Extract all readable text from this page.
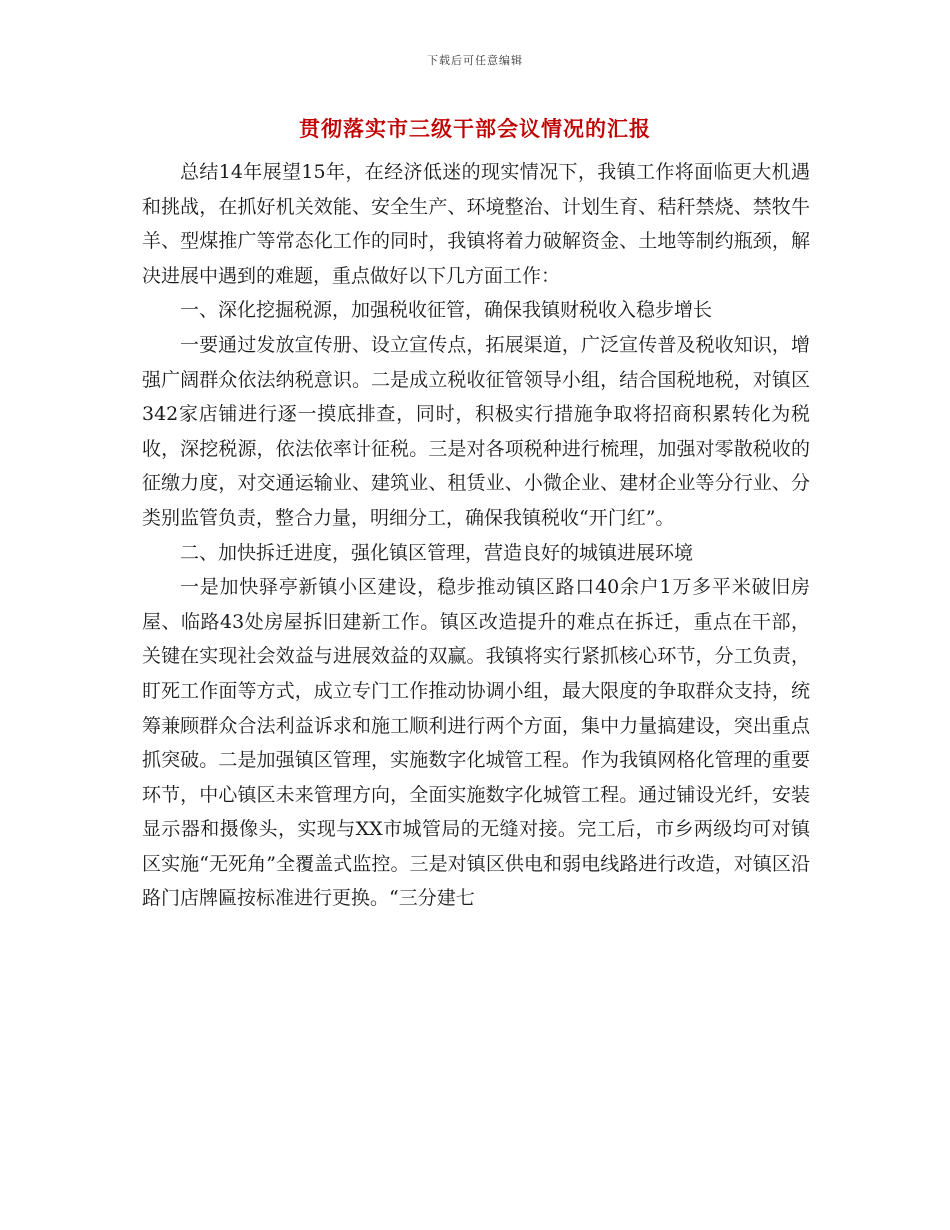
下载后可任意编辑
贯彻落实市三级干部会议情况的汇报

总结14年展望15年，在经济低迷的现实情况下，我镇工作将面临更大机遇和挑战，在抓好机关效能、安全生产、环境整治、计划生育、秸秆禁烧、禁牧牛羊、型煤推广等常态化工作的同时，我镇将着力破解资金、土地等制约瓶颈，解决进展中遇到的难题，重点做好以下几方面工作：

一、深化挖掘税源，加强税收征管，确保我镇财税收入稳步增长

一要通过发放宣传册、设立宣传点，拓展渠道，广泛宣传普及税收知识，增强广阔群众依法纳税意识。二是成立税收征管领导小组，结合国税地税，对镇区342家店铺进行逐一摸底排查，同时，积极实行措施争取将招商积累转化为税收，深挖税源，依法依率计征税。三是对各项税种进行梳理，加强对零散税收的征缴力度，对交通运输业、建筑业、租赁业、小微企业、建材企业等分行业、分类别监管负责，整合力量，明细分工，确保我镇税收“开门红”。

二、加快拆迁进度，强化镇区管理，营造良好的城镇进展环境

一是加快驿亭新镇小区建设，稳步推动镇区路口40余户1万多平米破旧房屋、临路43处房屋拆旧建新工作。镇区改造提升的难点在拆迁，重点在干部，关键在实现社会效益与进展效益的双赢。我镇将实行紧抓核心环节，分工负责，盯死工作面等方式，成立专门工作推动协调小组，最大限度的争取群众支持，统筹兼顾群众合法利益诉求和施工顺利进行两个方面，集中力量搞建设，突出重点抓突破。二是加强镇区管理，实施数字化城管工程。作为我镇网格化管理的重要环节，中心镇区未来管理方向，全面实施数字化城管工程。通过铺设光纤，安装显示器和摄像头，实现与XX市城管局的无缝对接。完工后，市乡两级均可对镇区实施“无死角”全覆盖式监控。三是对镇区供电和弱电线路进行改造，对镇区沿路门店牌匾按标准进行更换。“三分建七
